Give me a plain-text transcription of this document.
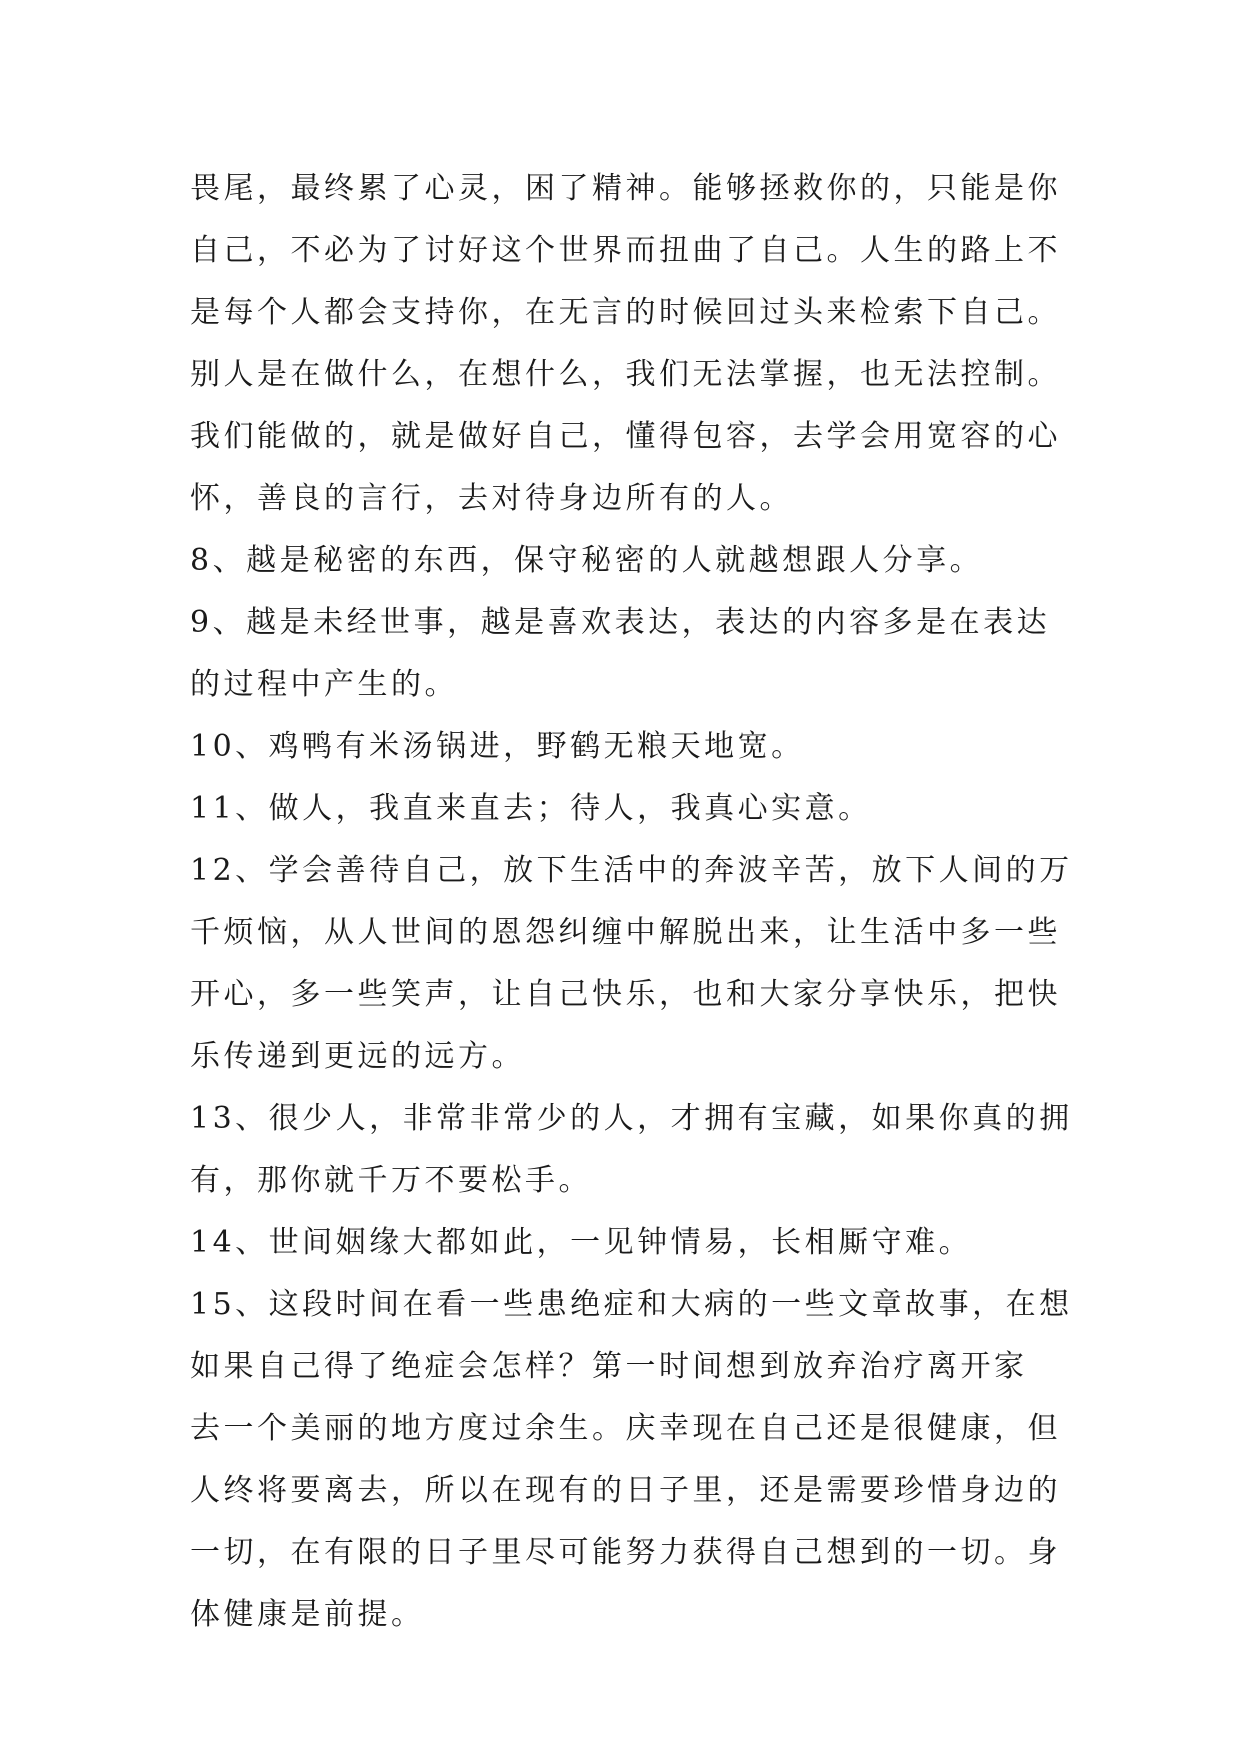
畏尾，最终累了心灵，困了精神。能够拯救你的，只能是你
自己，不必为了讨好这个世界而扭曲了自己。人生的路上不
是每个人都会支持你，在无言的时候回过头来检索下自己。
别人是在做什么，在想什么，我们无法掌握，也无法控制。
我们能做的，就是做好自己，懂得包容，去学会用宽容的心
怀，善良的言行，去对待身边所有的人。
8、越是秘密的东西，保守秘密的人就越想跟人分享。
9、越是未经世事，越是喜欢表达，表达的内容多是在表达
的过程中产生的。
10、鸡鸭有米汤锅进，野鹤无粮天地宽。
11、做人，我直来直去；待人，我真心实意。
12、学会善待自己，放下生活中的奔波辛苦，放下人间的万
千烦恼，从人世间的恩怨纠缠中解脱出来，让生活中多一些
开心，多一些笑声，让自己快乐，也和大家分享快乐，把快
乐传递到更远的远方。
13、很少人，非常非常少的人，才拥有宝藏，如果你真的拥
有，那你就千万不要松手。
14、世间姻缘大都如此，一见钟情易，长相厮守难。
15、这段时间在看一些患绝症和大病的一些文章故事，在想
如果自己得了绝症会怎样？第一时间想到放弃治疗离开家
去一个美丽的地方度过余生。庆幸现在自己还是很健康，但
人终将要离去，所以在现有的日子里，还是需要珍惜身边的
一切，在有限的日子里尽可能努力获得自己想到的一切。身
体健康是前提。
